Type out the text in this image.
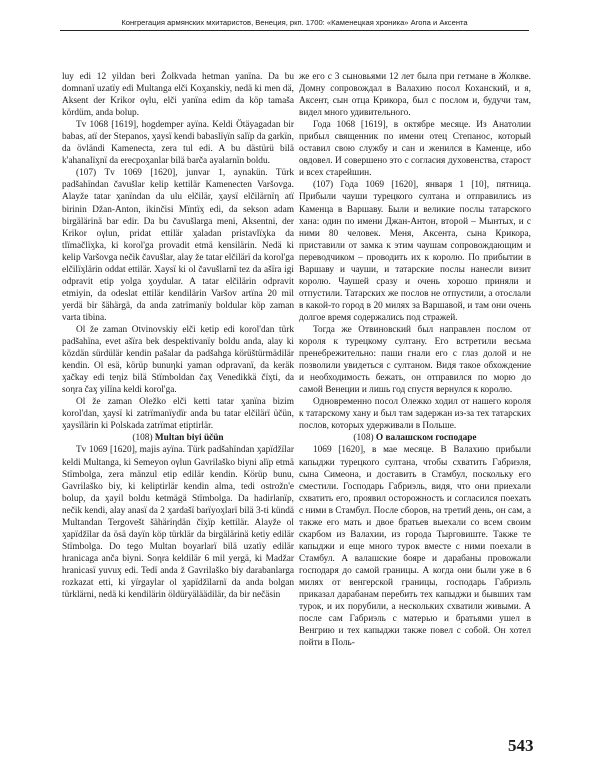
Конгрегация армянских мхитаристов, Венеция, ркп. 1700: «Каменецкая хроника» Агопа и Аксента

luy edi 12 yildan beri Žolkvada hetman yanïna. Da bu domnanï uzatïy edi Multanga elči Koӽanskiy, nedä ki men dä, Aksent der Krikor oγlu, elči yanïna edim da köp tamaša kördüm, anda bolup.

Tv 1068 [1619], hogdemper ayïna. Keldi Ötäyagadan bir babas, atï der Stepanos, ӽaysï kendi babaslïγïn salïp da garkïn, da övländi Kamenecta, zera tul edi. A bu dästürü bilä k'ahanalïӽnï da erecpoӽanlar bilä barča ayalarnïn boldu.

(107) Tv 1069 [1620], junvar 1, aynakün. Türk padšahïndan čavušlar kelip kettilär Kamenecten Varšovga. Alayže tatar ӽanïndan da ulu elčilär, ӽaysï elčilärnïη atï birinin Džan-Anton, ikinčisi Mïntïӽ edi, da sekson adam birgälärinä bar edir. Da bu čavušlarga meni, Aksentni, der Krikor oγlun, pridat ettilär ӽaladan pristavlïӽka da tlïmačlïӽka, ki korol'ga provadit etmä kensilärin. Nedä ki kelip Varšovga nečik čavušlar, alay že tatar elčilärï da korol'ga elčilïӽlärin oddat ettilär. Xaysï ki ol čavušlarnï tez da ašïra igi odpravit etip yolga ӽoydular. A tatar elčilärin odpravit etmiyin, da odeslat ettilär kendilärin Varšov artïna 20 mil yerdä bir šähärgä, da anda zatrïmanïy boldular köp zaman varta tibina.

Ol že zaman Otvinovskiy elči ketip edi korol'dan türk padšahïna, evet ašïra bek despektivanïy boldu anda, alay ki közdän sürdülär kendin pašalar da padšahga körüštürmädilär kendin. Ol esä, körüp bunuηki yaman odpravanï, da keräk ӽačkay edi teηiz bilä Stïmboldan čaӽ Venedikkä čïӽti, da soηra čaӽ yilïna keldi korol'ga.

Ol že zaman Oležko elči ketti tatar ӽanïna bizim korol'dan, ӽaysï ki zatrïmanïydïr anda bu tatar elčilärï üčün, ӽaysïlärin ki Polskada zatrïmat etiptirlär.

(108) Multan biyi üčün

Tv 1069 [1620], majis ayïna. Türk padšahïndan ӽapïdžïlar keldi Multanga, ki Semeyon oγlun Gavrilaško biyni alïp etmä Stïmbolga, zera mänzul etip edilär kendin. Körüp bunu, Gavrilaško biy, ki keliptirlär kendin alma, tedi ostrožn'e bolup, da ӽayil boldu ketmägä Stïmbolga. Da hadirlanïp, nečik kendi, alay anasï da 2 ӽardašï barïyoӽlarï bilä 3-ti kündä Multandan Tergovešt šähäriηdän čïӽïp kettilär. Alayže ol ӽapïdžïlar da ösä dayïn köp türklär da birgälärinä ketiy edilär Stïmbolga. Do tego Multan boyarlarï bilä uzatïy edilär hranicaga anča biyni. Soηra keldilär 6 mil yergä, ki Madžar hranicasï yuvuӽ edi. Tedï anda ž Gavrilaško biy darabanlarga rozkazat etti, ki yïrgaylar ol ӽapïdžïlarnï da anda bolgan türklärni, nedä ki kendilärin öldüryäläädilär, da bir nečäsin

же его с 3 сыновьями 12 лет была при гетмане в Жолкве. Домну сопровождал в Валахию посол Коханский, и я, Аксент, сын отца Крикора, был с послом и, будучи там, видел много удивительного.

Года 1068 [1619], в октябре месяце. Из Анатолии прибыл священник по имени отец Степанос, который оставил свою службу и сан и женился в Каменце, ибо овдовел. И совершено это с согласия духовенства, старост и всех старейшин.

(107) Года 1069 [1620], января 1 [10], пятница. Прибыли чауши турецкого султана и отправились из Каменца в Варшаву. Были и великие послы татарского хана: один по имени Джан-Антон, второй – Мынтых, и с ними 80 человек. Меня, Аксента, сына Крикора, приставили от замка к этим чаушам сопровождающим и переводчиком – проводить их к королю. По прибытии в Варшаву и чауши, и татарские послы нанесли визит королю. Чаушей сразу и очень хорошо приняли и отпустили. Татарских же послов не отпустили, а отослали в какой-то город в 20 милях за Варшавой, и там они очень долгое время содержались под стражей.

Тогда же Отвиновский был направлен послом от короля к турецкому султану. Его встретили весьма пренебрежительно: паши гнали его с глаз долой и не позволили увидеться с султаном. Видя такое обхождение и необходимость бежать, он отправился по морю до самой Венеции и лишь год спустя вернулся к королю.

Одновременно посол Олежко ходил от нашего короля к татарскому хану и был там задержан из-за тех татарских послов, которых удерживали в Польше.

(108) О валашском господаре

1069 [1620], в мае месяце. В Валахию прибыли капыджи турецкого султана, чтобы схватить Габриэля, сына Симеона, и доставить в Стамбул, поскольку его сместили. Господарь Габриэль, видя, что они приехали схватить его, проявил осторожность и согласился поехать с ними в Стамбул. После сборов, на третий день, он сам, а также его мать и двое братьев выехали со всем своим скарбом из Валахии, из города Тырговиште. Также те капыджи и еще много турок вместе с ними поехали в Стамбул. А валашские бояре и дарабаны провожали господаря до самой границы. А когда они были уже в 6 милях от венгерской границы, господарь Габриэль приказал дарабанам перебить тех капыджи и бывших там турок, и их порубили, а нескольких схватили живыми. А после сам Габриэль с матерью и братьями ушел в Венгрию и тех капыджи также повел с собой. Он хотел пойти в Поль-

543
